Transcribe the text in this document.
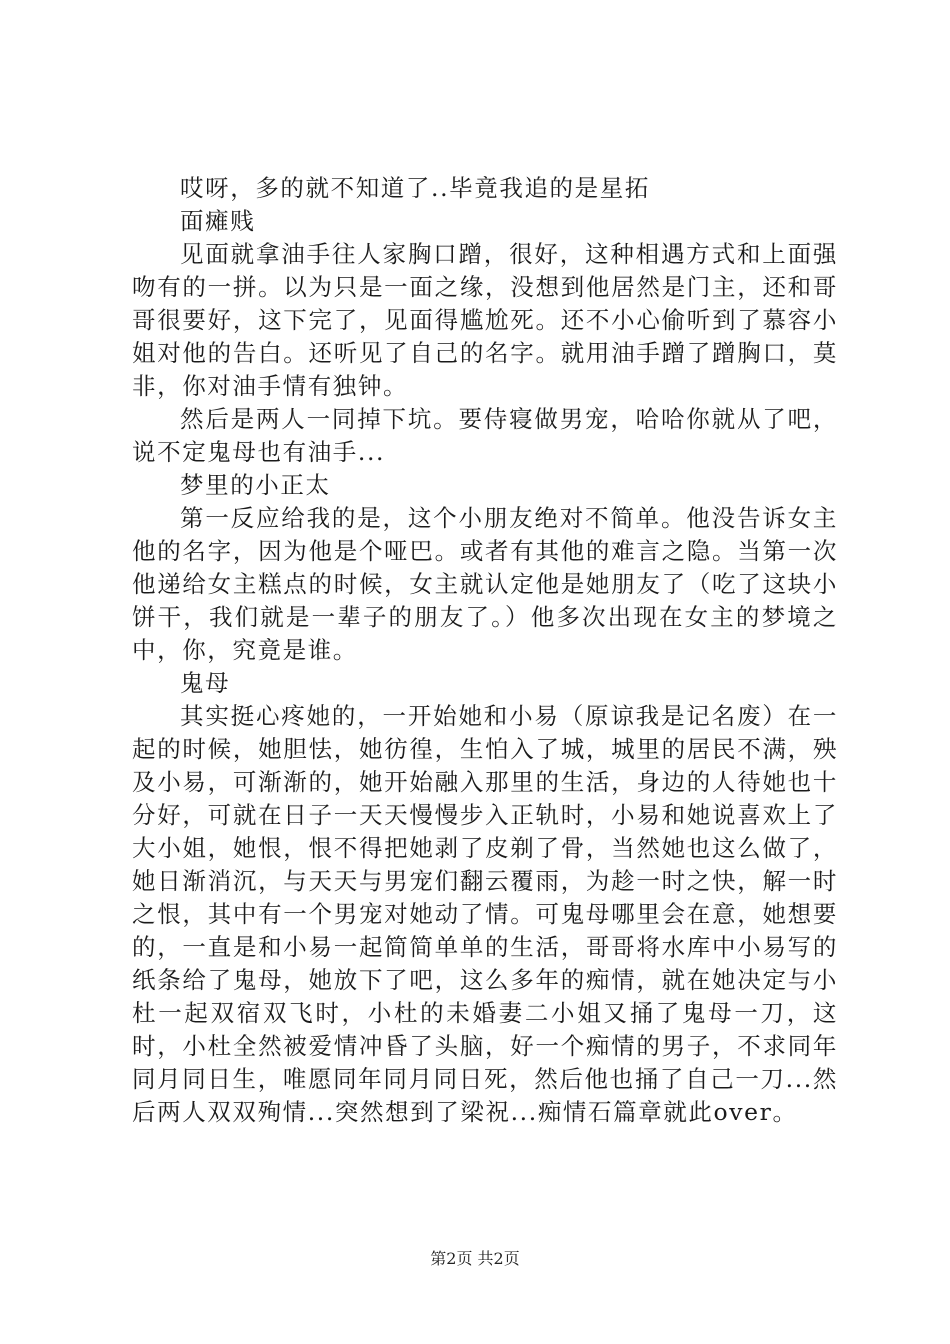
哎呀，多的就不知道了..毕竟我追的是星拓

面瘫贱

见面就拿油手往人家胸口蹭，很好，这种相遇方式和上面强吻有的一拼。以为只是一面之缘，没想到他居然是门主，还和哥哥很要好，这下完了，见面得尴尬死。还不小心偷听到了慕容小姐对他的告白。还听见了自己的名字。就用油手蹭了蹭胸口，莫非，你对油手情有独钟。

然后是两人一同掉下坑。要侍寝做男宠，哈哈你就从了吧，说不定鬼母也有油手...

梦里的小正太

第一反应给我的是，这个小朋友绝对不简单。他没告诉女主他的名字，因为他是个哑巴。或者有其他的难言之隐。当第一次他递给女主糕点的时候，女主就认定他是她朋友了（吃了这块小饼干，我们就是一辈子的朋友了。）他多次出现在女主的梦境之中，你，究竟是谁。

鬼母

其实挺心疼她的，一开始她和小易（原谅我是记名废）在一起的时候，她胆怯，她彷徨，生怕入了城，城里的居民不满，殃及小易，可渐渐的，她开始融入那里的生活，身边的人待她也十分好，可就在日子一天天慢慢步入正轨时，小易和她说喜欢上了大小姐，她恨，恨不得把她剥了皮剃了骨，当然她也这么做了，她日渐消沉，与天天与男宠们翻云覆雨，为趁一时之快，解一时之恨，其中有一个男宠对她动了情。可鬼母哪里会在意，她想要的，一直是和小易一起简简单单的生活，哥哥将水库中小易写的纸条给了鬼母，她放下了吧，这么多年的痴情，就在她决定与小杜一起双宿双飞时，小杜的未婚妻二小姐又捅了鬼母一刀，这时，小杜全然被爱情冲昏了头脑，好一个痴情的男子，不求同年同月同日生，唯愿同年同月同日死，然后他也捅了自己一刀...然后两人双双殉情...突然想到了梁祝...痴情石篇章就此over。

第2页 共2页
